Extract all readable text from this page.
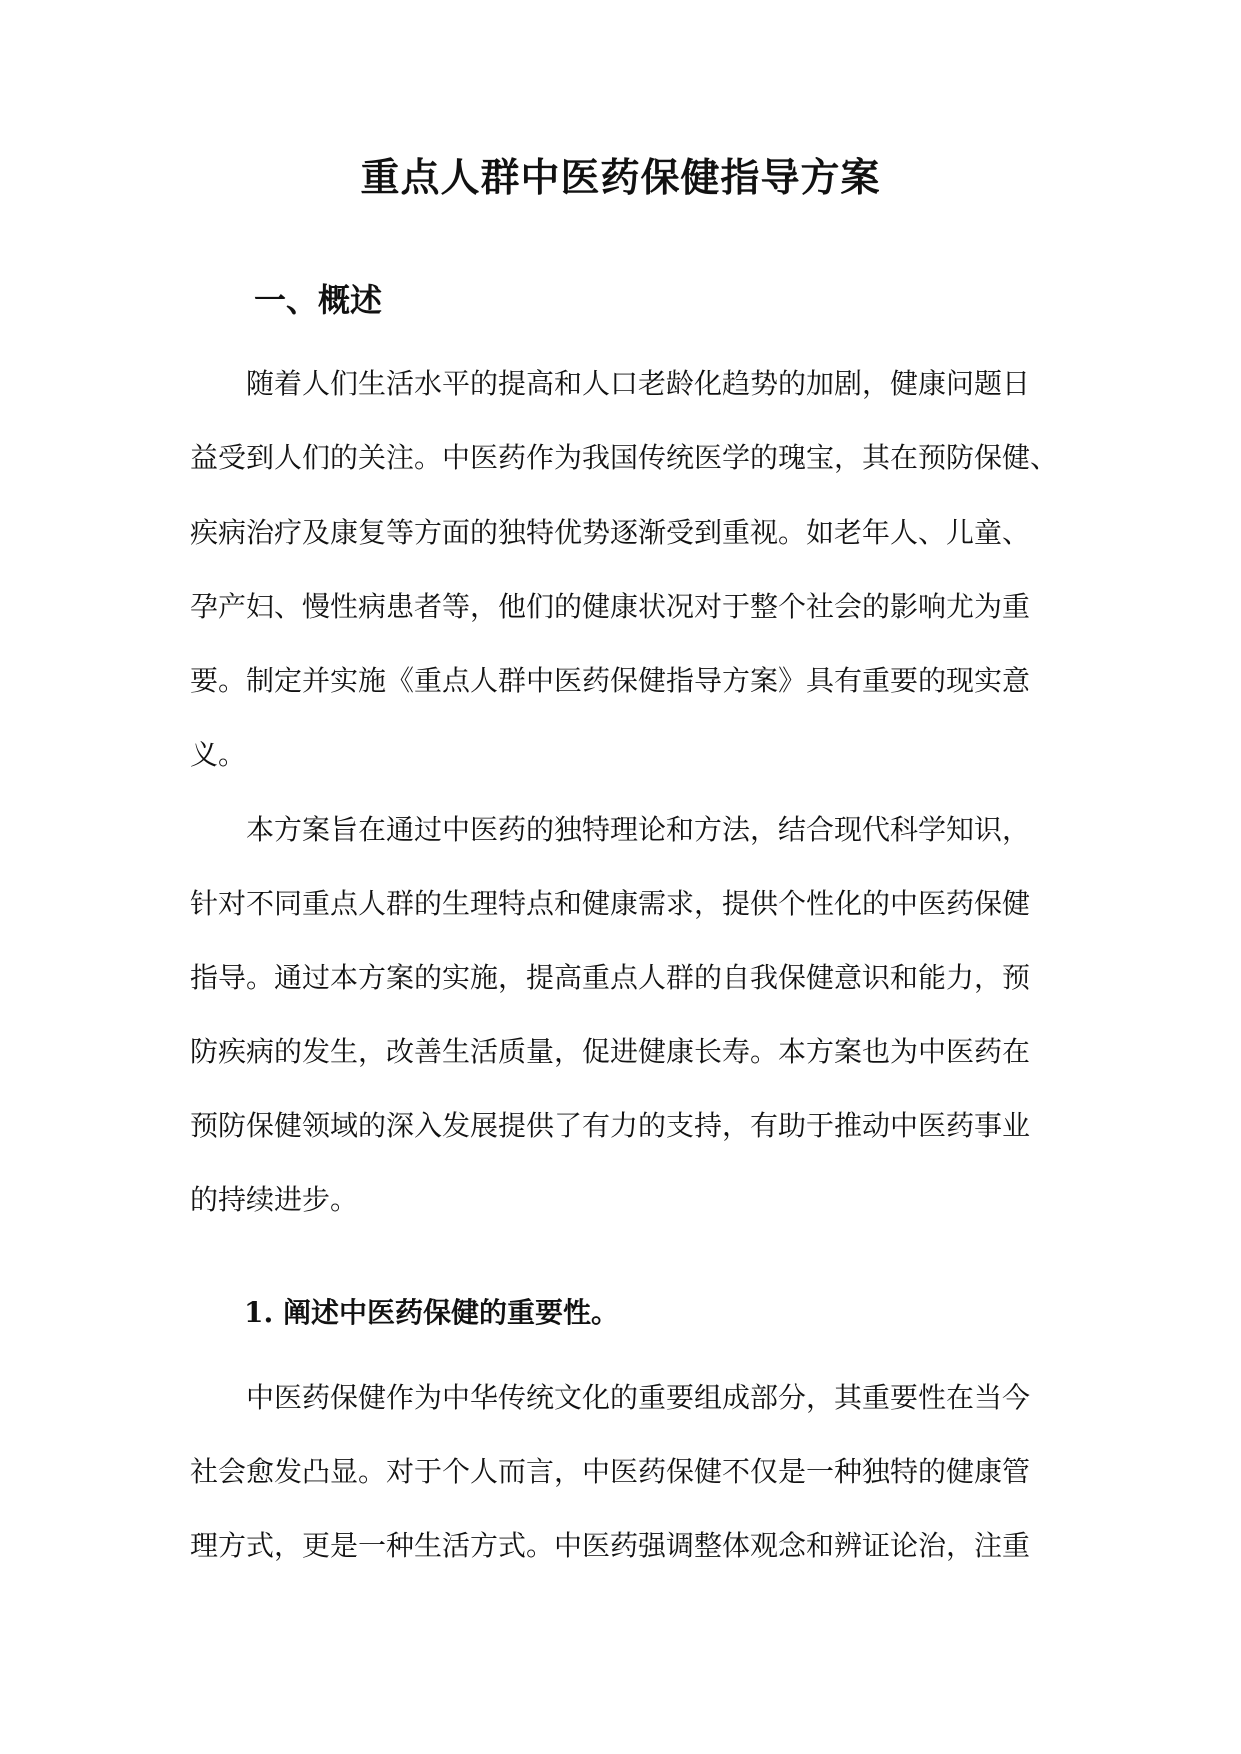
重点人群中医药保健指导方案
一、概述
随着人们生活水平的提高和人口老龄化趋势的加剧，健康问题日
益受到人们的关注。中医药作为我国传统医学的瑰宝，其在预防保健、
疾病治疗及康复等方面的独特优势逐渐受到重视。如老年人、儿童、
孕产妇、慢性病患者等，他们的健康状况对于整个社会的影响尤为重
要。制定并实施《重点人群中医药保健指导方案》具有重要的现实意
义。
本方案旨在通过中医药的独特理论和方法，结合现代科学知识，
针对不同重点人群的生理特点和健康需求，提供个性化的中医药保健
指导。通过本方案的实施，提高重点人群的自我保健意识和能力，预
防疾病的发生，改善生活质量，促进健康长寿。本方案也为中医药在
预防保健领域的深入发展提供了有力的支持，有助于推动中医药事业
的持续进步。
1. 阐述中医药保健的重要性。
中医药保健作为中华传统文化的重要组成部分，其重要性在当今
社会愈发凸显。对于个人而言，中医药保健不仅是一种独特的健康管
理方式，更是一种生活方式。中医药强调整体观念和辨证论治，注重
